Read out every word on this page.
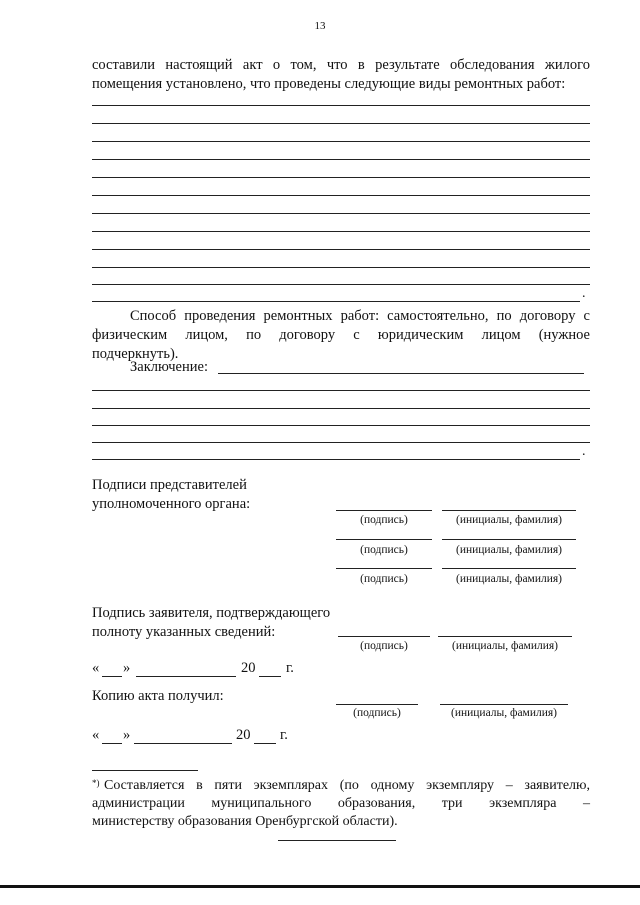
13
составили настоящий акт о том, что в результате обследования жилого
помещения установлено, что проведены следующие виды ремонтных работ:
.
Способ проведения ремонтных работ: самостоятельно, по договору с
физическим лицом, по договору с юридическим лицом (нужное
подчеркнуть).
Заключение:
.
Подписи представителей
уполномоченного органа:
(подпись)	(инициалы, фамилия)
(подпись)	(инициалы, фамилия)
(подпись)	(инициалы, фамилия)
Подпись заявителя, подтверждающего
полноту указанных сведений:
(подпись)	(инициалы, фамилия)
« »	20 г.
Копию акта получил:
(подпись)	(инициалы, фамилия)
« »	20 г.
*) Составляется в пяти экземплярах (по одному экземпляру – заявителю,
администрации муниципального образования, три экземпляра –
министерству образования Оренбургской области).
